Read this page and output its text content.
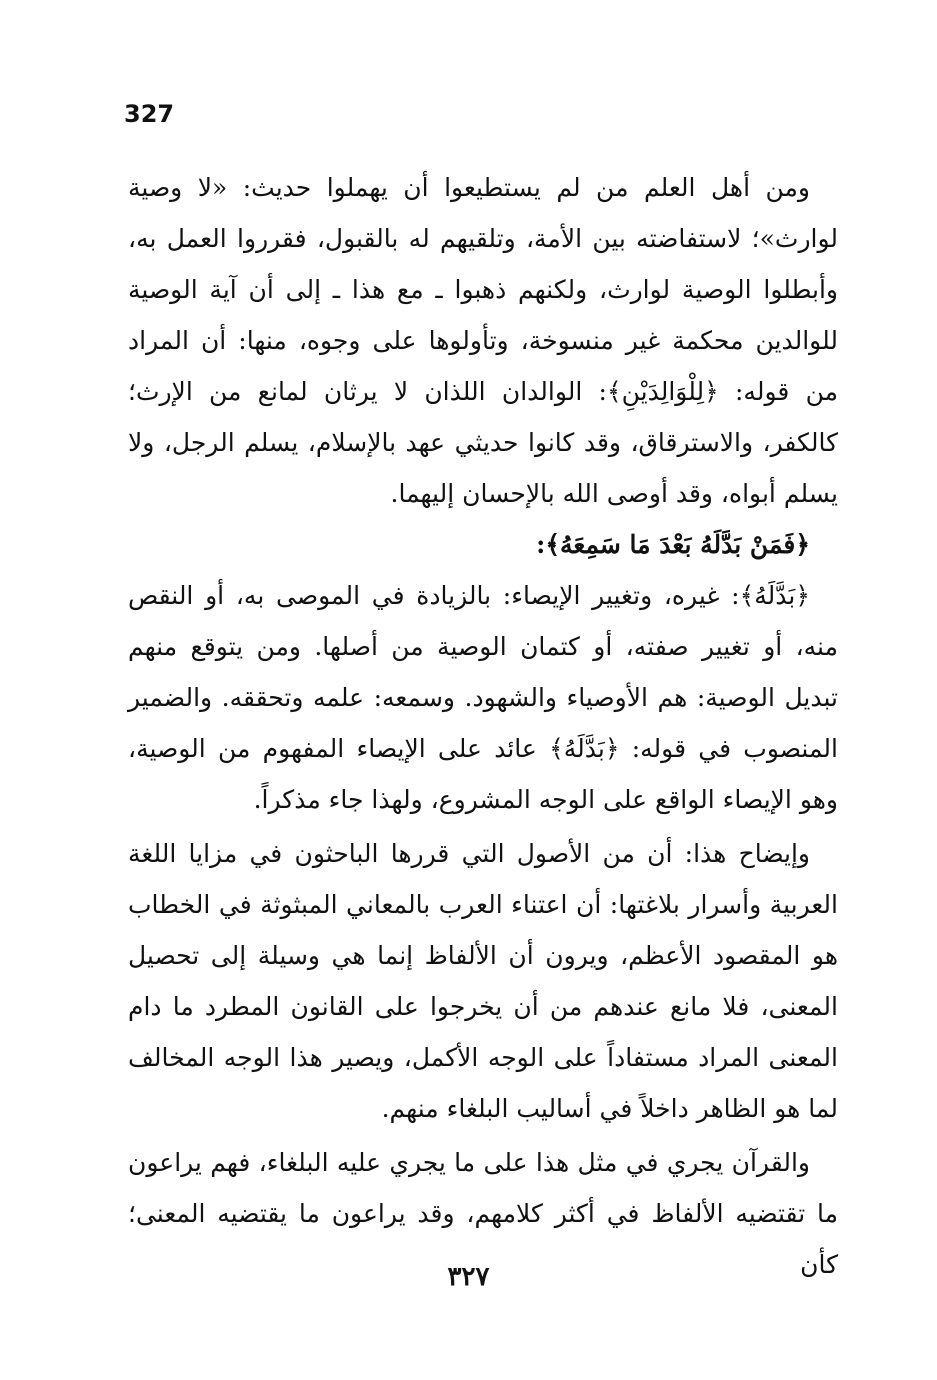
327

ومن أهل العلم من لم يستطيعوا أن يهملوا حديث: «لا وصية لوارث»؛ لاستفاضته بين الأمة، وتلقيهم له بالقبول، فقرروا العمل به، وأبطلوا الوصية لوارث، ولكنهم ذهبوا ـ مع هذا ـ إلى أن آية الوصية للوالدين محكمة غير منسوخة، وتأولوها على وجوه، منها: أن المراد من قوله: ﴿لِلْوَالِدَيْنِ﴾: الوالدان اللذان لا يرثان لمانع من الإرث؛ كالكفر، والاسترقاق، وقد كانوا حديثي عهد بالإسلام، يسلم الرجل، ولا يسلم أبواه، وقد أوصى الله بالإحسان إليهما.

﴿فَمَنْ بَدَّلَهُ بَعْدَ مَا سَمِعَهُ﴾:

﴿بَدَّلَهُ﴾: غيره، وتغيير الإيصاء: بالزيادة في الموصى به، أو النقص منه، أو تغيير صفته، أو كتمان الوصية من أصلها. ومن يتوقع منهم تبديل الوصية: هم الأوصياء والشهود. وسمعه: علمه وتحققه. والضمير المنصوب في قوله: ﴿بَدَّلَهُ﴾ عائد على الإيصاء المفهوم من الوصية، وهو الإيصاء الواقع على الوجه المشروع، ولهذا جاء مذكراً.

وإيضاح هذا: أن من الأصول التي قررها الباحثون في مزايا اللغة العربية وأسرار بلاغتها: أن اعتناء العرب بالمعاني المبثوثة في الخطاب هو المقصود الأعظم، ويرون أن الألفاظ إنما هي وسيلة إلى تحصيل المعنى، فلا مانع عندهم من أن يخرجوا على القانون المطرد ما دام المعنى المراد مستفاداً على الوجه الأكمل، ويصير هذا الوجه المخالف لما هو الظاهر داخلاً في أساليب البلغاء منهم.

والقرآن يجري في مثل هذا على ما يجري عليه البلغاء، فهم يراعون ما تقتضيه الألفاظ في أكثر كلامهم، وقد يراعون ما يقتضيه المعنى؛ كأن

٣٢٧
